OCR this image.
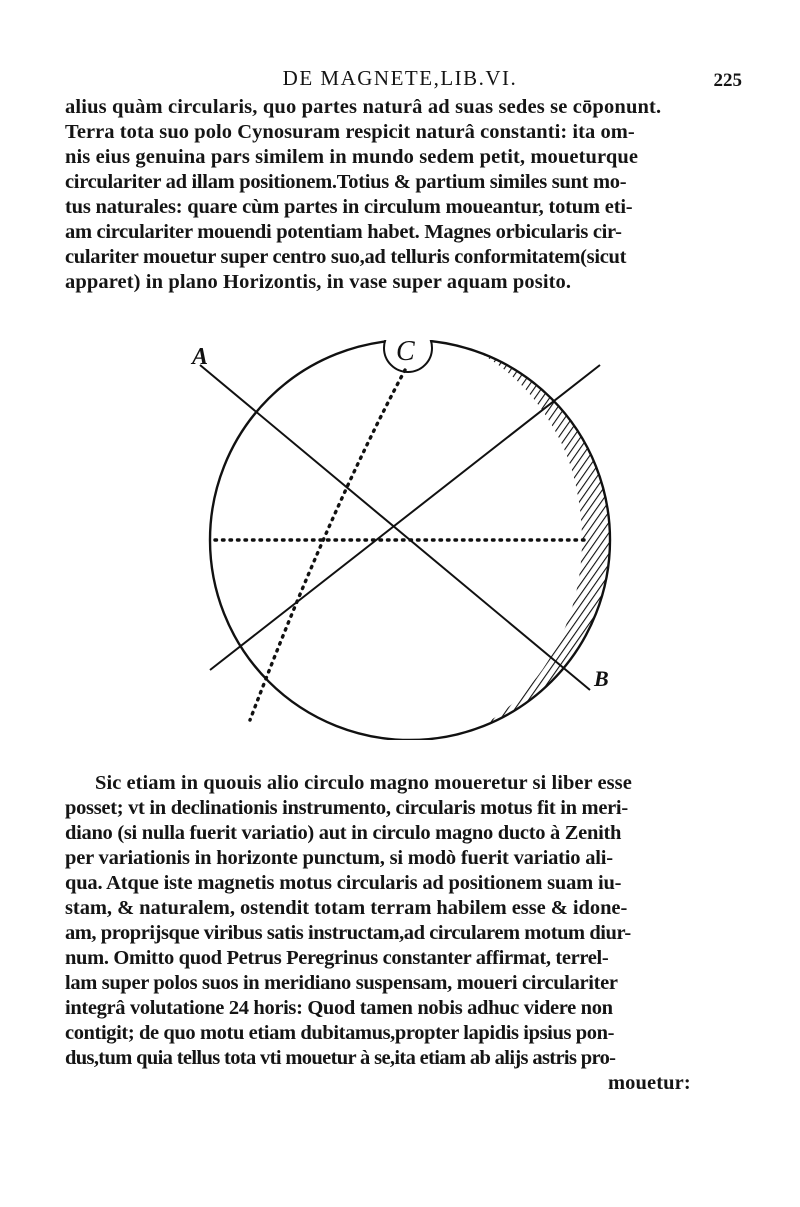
DE MAGNETE,LIB.VI.	225
alius quàm circularis, quo partes naturâ ad suas sedes se cōponunt.
Terra tota suo polo Cynosuram respicit naturâ constanti: ita om-
nis eius genuina pars similem in mundo sedem petit, moueturque
circulariter ad illam positionem.Totius & partium similes sunt mo-
tus naturales: quare cùm partes in circulum moueantur, totum eti-
am circulariter mouendi potentiam habet. Magnes orbicularis cir-
culariter mouetur super centro suo,ad telluris conformitatem(sicut
apparet) in plano Horizontis, in vase super aquam posito.
C
A
B
Sic etiam in quouis alio circulo magno moueretur si liber esse
posset; vt in declinationis instrumento, circularis motus fit in meri-
diano (si nulla fuerit variatio) aut in circulo magno ducto à Zenith
per variationis in horizonte punctum, si modò fuerit variatio ali-
qua. Atque iste magnetis motus circularis ad positionem suam iu-
stam, & naturalem, ostendit totam terram habilem esse & idone-
am, proprijsque viribus satis instructam,ad circularem motum diur-
num. Omitto quod Petrus Peregrinus constanter affirmat, terrel-
lam super polos suos in meridiano suspensam, moueri circulariter
integrâ volutatione 24 horis: Quod tamen nobis adhuc videre non
contigit; de quo motu etiam dubitamus,propter lapidis ipsius pon-
dus,tum quia tellus tota vti mouetur à se,ita etiam ab alijs astris pro-
mouetur:
